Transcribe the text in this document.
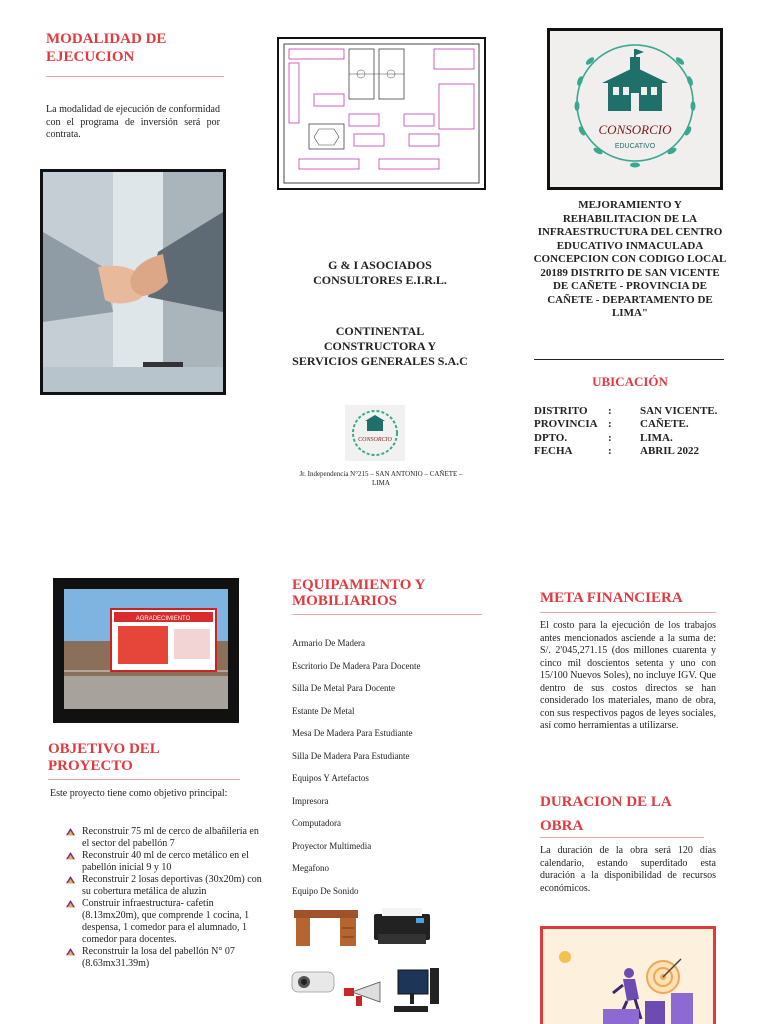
MODALIDAD DE EJECUCION
La modalidad de ejecución de conformidad con el programa de inversión será por contrata.
G & I ASOCIADOS CONSULTORES E.I.R.L.
CONTINENTAL CONSTRUCTORA Y SERVICIOS GENERALES S.A.C
CONSORCIO
Jr. Independencia N°215 – SAN ANTONIO – CAÑETE – LIMA
CONSORCIO
EDUCATIVO
MEJORAMIENTO Y REHABILITACION DE LA INFRAESTRUCTURA DEL CENTRO EDUCATIVO INMACULADA CONCEPCION CON CODIGO LOCAL 20189 DISTRITO DE SAN VICENTE DE CAÑETE - PROVINCIA DE CAÑETE - DEPARTAMENTO DE LIMA"
UBICACIÓN
DISTRITO :	SAN VICENTE.
PROVINCIA :	CAÑETE.
DPTO.	:	LIMA.
FECHA	:	ABRIL 2022
AGRADECIMIENTO
OBJETIVO DEL PROYECTO
Este proyecto tiene como objetivo principal:
Reconstruir 75 ml de cerco de albañilería en el sector del pabellón 7
Reconstruir 40 ml de cerco metálico en el pabellón inicial 9 y 10
Reconstruir 2 losas deportivas (30x20m) con su cobertura metálica de aluzin
Construir infraestructura- cafetín (8.13mx20m), que comprende 1 cocina, 1 despensa, 1 comedor para el alumnado, 1 comedor para docentes.
Reconstruir la losa del pabellón N° 07 (8.63mx31.39m)
EQUIPAMIENTO Y MOBILIARIOS
Armario De Madera
Escritorio De Madera Para Docente
Silla De Metal Para Docente
Estante De Metal
Mesa De Madera Para Estudiante
Silla De Madera Para Estudiante
Equipos Y Artefactos
Impresora
Computadora
Proyector Multimedia
Megafono
Equipo De Sonido
META FINANCIERA
El costo para la ejecución de los trabajos antes mencionados asciende a la suma de: S/. 2'045,271.15 (dos millones cuarenta y cinco mil doscientos setenta y uno con 15/100 Nuevos Soles), no incluye IGV. Que dentro de sus costos directos se han considerado los materiales, mano de obra, con sus respectivos pagos de leyes sociales, así como herramientas a utilizarse.
DURACION DE LA OBRA
La duración de la obra será 120 días calendario, estando superditado esta duración a la disponibilidad de recursos económicos.
